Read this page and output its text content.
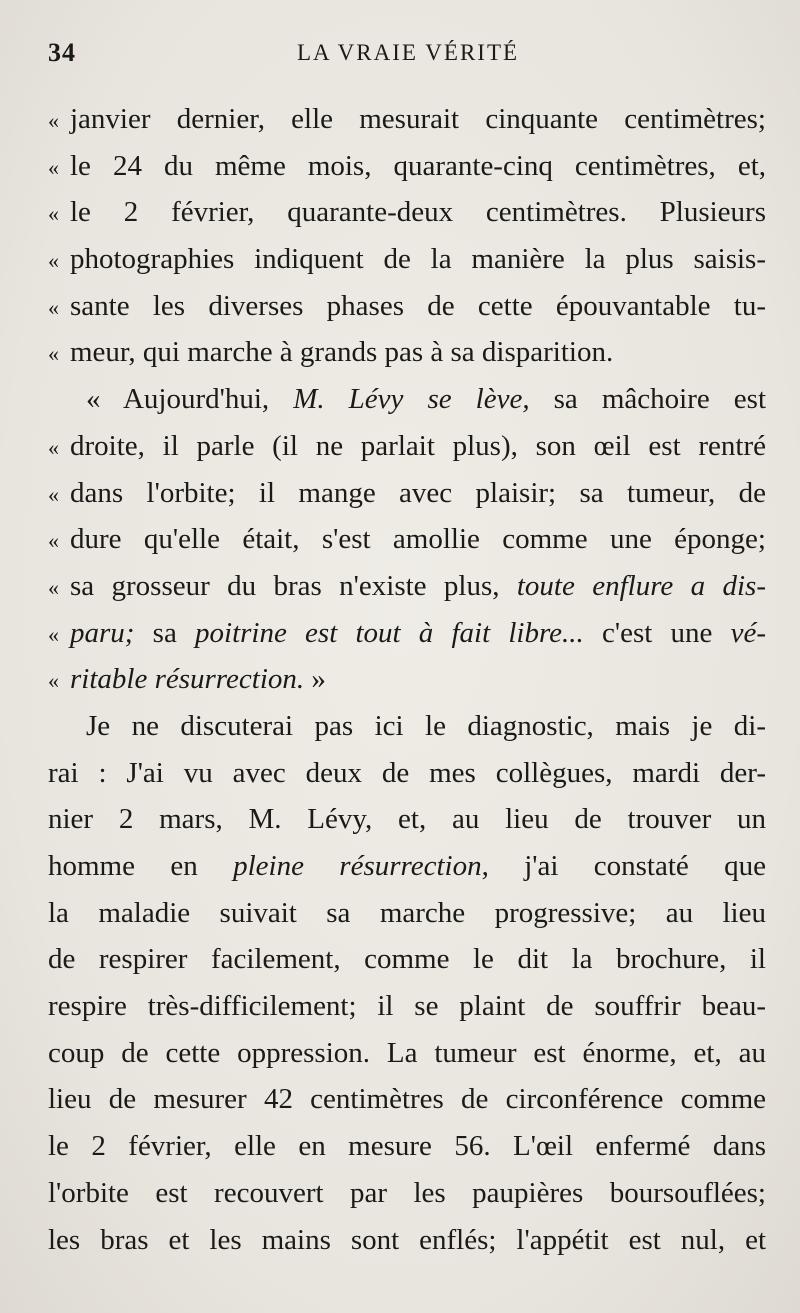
34	LA VRAIE VÉRITÉ
« janvier dernier, elle mesurait cinquante centimètres;
« le 24 du même mois, quarante-cinq centimètres, et,
« le 2 février, quarante-deux centimètres. Plusieurs
« photographies indiquent de la manière la plus saisis-
« sante les diverses phases de cette épouvantable tu-
« meur, qui marche à grands pas à sa disparition.
« Aujourd'hui, M. Lévy se lève, sa mâchoire est
« droite, il parle (il ne parlait plus), son œil est rentré
« dans l'orbite; il mange avec plaisir; sa tumeur, de
« dure qu'elle était, s'est amollie comme une éponge;
« sa grosseur du bras n'existe plus, toute enflure a dis-
« paru; sa poitrine est tout à fait libre... c'est une vé-
« ritable résurrection. »
Je ne discuterai pas ici le diagnostic, mais je di-
rai : J'ai vu avec deux de mes collègues, mardi der-
nier 2 mars, M. Lévy, et, au lieu de trouver un
homme en pleine résurrection, j'ai constaté que
la maladie suivait sa marche progressive; au lieu
de respirer facilement, comme le dit la brochure, il
respire très-difficilement; il se plaint de souffrir beau-
coup de cette oppression. La tumeur est énorme, et, au
lieu de mesurer 42 centimètres de circonférence comme
le 2 février, elle en mesure 56. L'œil enfermé dans
l'orbite est recouvert par les paupières boursouflées;
les bras et les mains sont enflés; l'appétit est nul, et
